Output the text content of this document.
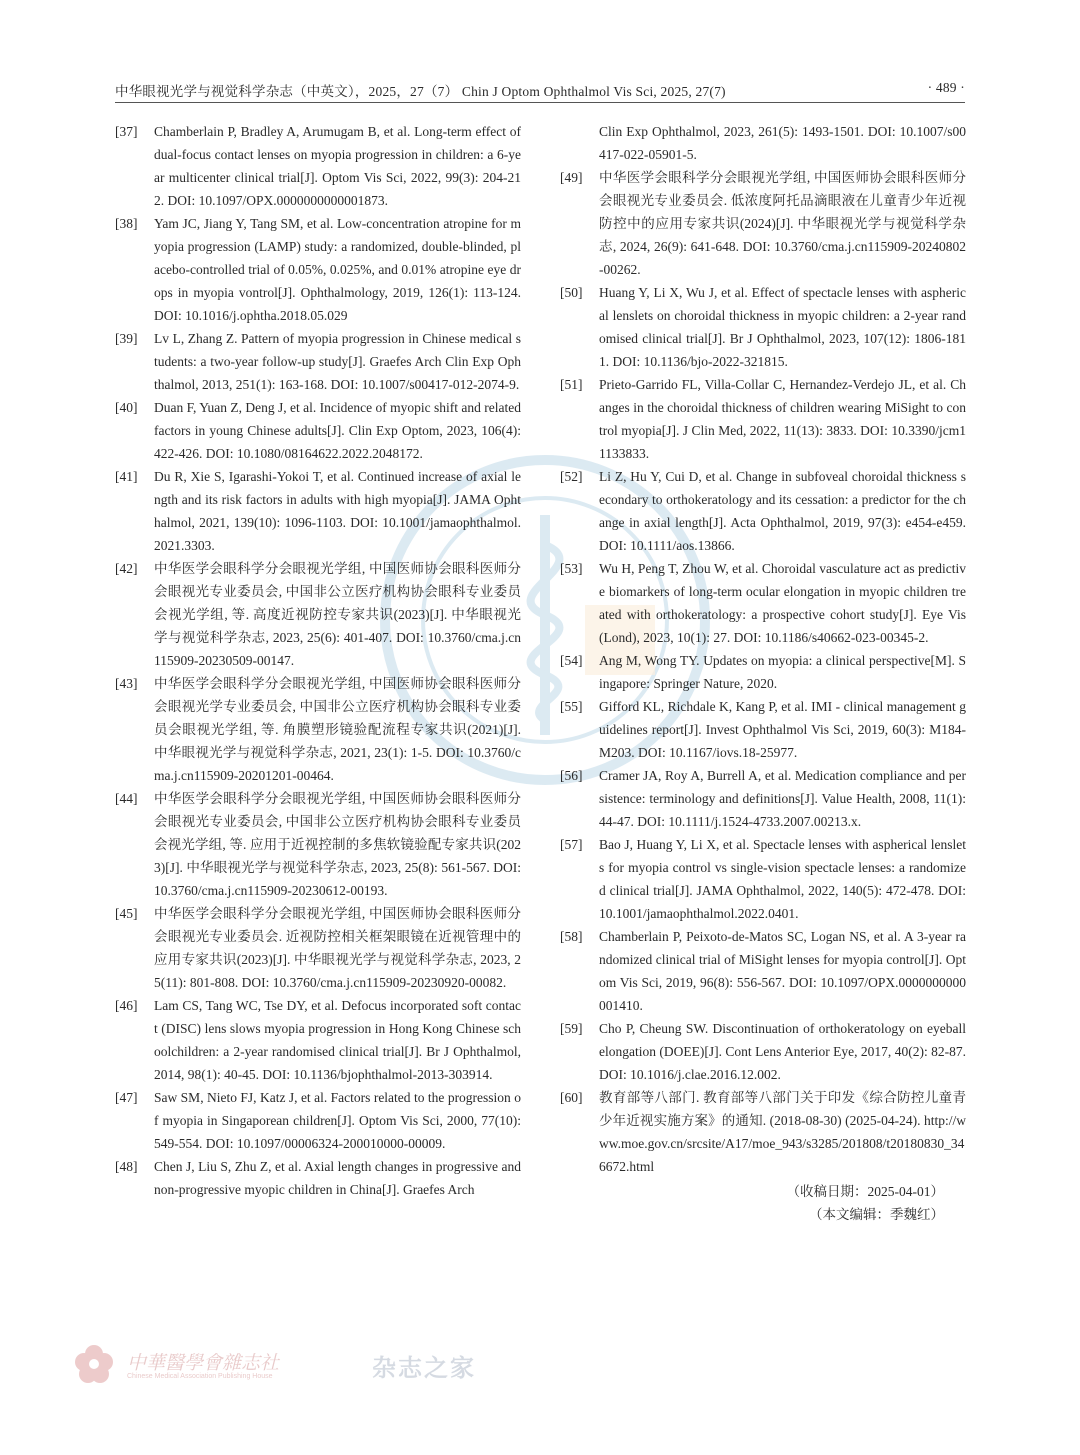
中华眼视光学与视觉科学杂志（中英文），2025，27（7） Chin J Optom Ophthalmol Vis Sci, 2025, 27(7)	· 489 ·
[37] Chamberlain P, Bradley A, Arumugam B, et al. Long-term effect of dual-focus contact lenses on myopia progression in children: a 6-year multicenter clinical trial[J]. Optom Vis Sci, 2022, 99(3): 204-212. DOI: 10.1097/OPX.0000000000001873.
[38] Yam JC, Jiang Y, Tang SM, et al. Low-concentration atropine for myopia progression (LAMP) study: a randomized, double-blinded, placebo-controlled trial of 0.05%, 0.025%, and 0.01% atropine eye drops in myopia vontrol[J]. Ophthalmology, 2019, 126(1): 113-124. DOI: 10.1016/j.ophtha.2018.05.029
[39] Lv L, Zhang Z. Pattern of myopia progression in Chinese medical students: a two-year follow-up study[J]. Graefes Arch Clin Exp Ophthalmol, 2013, 251(1): 163-168. DOI: 10.1007/s00417-012-2074-9.
[40] Duan F, Yuan Z, Deng J, et al. Incidence of myopic shift and related factors in young Chinese adults[J]. Clin Exp Optom, 2023, 106(4): 422-426. DOI: 10.1080/08164622.2022.2048172.
[41] Du R, Xie S, Igarashi-Yokoi T, et al. Continued increase of axial length and its risk factors in adults with high myopia[J]. JAMA Ophthalmol, 2021, 139(10): 1096-1103. DOI: 10.1001/jamaophthalmol.2021.3303.
[42] 中华医学会眼科学分会眼视光学组, 中国医师协会眼科医师分会眼视光专业委员会, 中国非公立医疗机构协会眼科专业委员会视光学组, 等. 高度近视防控专家共识(2023)[J]. 中华眼视光学与视觉科学杂志, 2023, 25(6): 401-407. DOI: 10.3760/cma.j.cn115909-20230509-00147.
[43] 中华医学会眼科学分会眼视光学组, 中国医师协会眼科医师分会眼视光学专业委员会, 中国非公立医疗机构协会眼科专业委员会眼视光学组, 等. 角膜塑形镜验配流程专家共识(2021)[J]. 中华眼视光学与视觉科学杂志, 2021, 23(1): 1-5. DOI: 10.3760/cma.j.cn115909-20201201-00464.
[44] 中华医学会眼科学分会眼视光学组, 中国医师协会眼科医师分会眼视光专业委员会, 中国非公立医疗机构协会眼科专业委员会视光学组, 等. 应用于近视控制的多焦软镜验配专家共识(2023)[J]. 中华眼视光学与视觉科学杂志, 2023, 25(8): 561-567. DOI: 10.3760/cma.j.cn115909-20230612-00193.
[45] 中华医学会眼科学分会眼视光学组, 中国医师协会眼科医师分会眼视光专业委员会. 近视防控相关框架眼镜在近视管理中的应用专家共识(2023)[J]. 中华眼视光学与视觉科学杂志, 2023, 25(11): 801-808. DOI: 10.3760/cma.j.cn115909-20230920-00082.
[46] Lam CS, Tang WC, Tse DY, et al. Defocus incorporated soft contact (DISC) lens slows myopia progression in Hong Kong Chinese schoolchildren: a 2-year randomised clinical trial[J]. Br J Ophthalmol, 2014, 98(1): 40-45. DOI: 10.1136/bjophthalmol-2013-303914.
[47] Saw SM, Nieto FJ, Katz J, et al. Factors related to the progression of myopia in Singaporean children[J]. Optom Vis Sci, 2000, 77(10): 549-554. DOI: 10.1097/00006324-200010000-00009.
[48] Chen J, Liu S, Zhu Z, et al. Axial length changes in progressive and non-progressive myopic children in China[J]. Graefes Arch
Clin Exp Ophthalmol, 2023, 261(5): 1493-1501. DOI: 10.1007/s00417-022-05901-5.
[49] 中华医学会眼科学分会眼视光学组, 中国医师协会眼科医师分会眼视光专业委员会. 低浓度阿托品滴眼液在儿童青少年近视防控中的应用专家共识(2024)[J]. 中华眼视光学与视觉科学杂志, 2024, 26(9): 641-648. DOI: 10.3760/cma.j.cn115909-20240802-00262.
[50] Huang Y, Li X, Wu J, et al. Effect of spectacle lenses with aspherical lenslets on choroidal thickness in myopic children: a 2-year randomised clinical trial[J]. Br J Ophthalmol, 2023, 107(12): 1806-1811. DOI: 10.1136/bjo-2022-321815.
[51] Prieto-Garrido FL, Villa-Collar C, Hernandez-Verdejo JL, et al. Changes in the choroidal thickness of children wearing MiSight to control myopia[J]. J Clin Med, 2022, 11(13): 3833. DOI: 10.3390/jcm11133833.
[52] Li Z, Hu Y, Cui D, et al. Change in subfoveal choroidal thickness secondary to orthokeratology and its cessation: a predictor for the change in axial length[J]. Acta Ophthalmol, 2019, 97(3): e454-e459. DOI: 10.1111/aos.13866.
[53] Wu H, Peng T, Zhou W, et al. Choroidal vasculature act as predictive biomarkers of long-term ocular elongation in myopic children treated with orthokeratology: a prospective cohort study[J]. Eye Vis (Lond), 2023, 10(1): 27. DOI: 10.1186/s40662-023-00345-2.
[54] Ang M, Wong TY. Updates on myopia: a clinical perspective[M]. Singapore: Springer Nature, 2020.
[55] Gifford KL, Richdale K, Kang P, et al. IMI - clinical management guidelines report[J]. Invest Ophthalmol Vis Sci, 2019, 60(3): M184-M203. DOI: 10.1167/iovs.18-25977.
[56] Cramer JA, Roy A, Burrell A, et al. Medication compliance and persistence: terminology and definitions[J]. Value Health, 2008, 11(1): 44-47. DOI: 10.1111/j.1524-4733.2007.00213.x.
[57] Bao J, Huang Y, Li X, et al. Spectacle lenses with aspherical lenslets for myopia control vs single-vision spectacle lenses: a randomized clinical trial[J]. JAMA Ophthalmol, 2022, 140(5): 472-478. DOI: 10.1001/jamaophthalmol.2022.0401.
[58] Chamberlain P, Peixoto-de-Matos SC, Logan NS, et al. A 3-year randomized clinical trial of MiSight lenses for myopia control[J]. Optom Vis Sci, 2019, 96(8): 556-567. DOI: 10.1097/OPX.0000000000001410.
[59] Cho P, Cheung SW. Discontinuation of orthokeratology on eyeball elongation (DOEE)[J]. Cont Lens Anterior Eye, 2017, 40(2): 82-87. DOI: 10.1016/j.clae.2016.12.002.
[60] 教育部等八部门. 教育部等八部门关于印发《综合防控儿童青少年近视实施方案》的通知. (2018-08-30) (2025-04-24). http://www.moe.gov.cn/srcsite/A17/moe_943/s3285/201808/t20180830_346672.html
（收稿日期：2025-04-01）
（本文编辑：季魏红）
中華醫學會雜志社
Chinese Medical Association Publishing House	杂志之家
